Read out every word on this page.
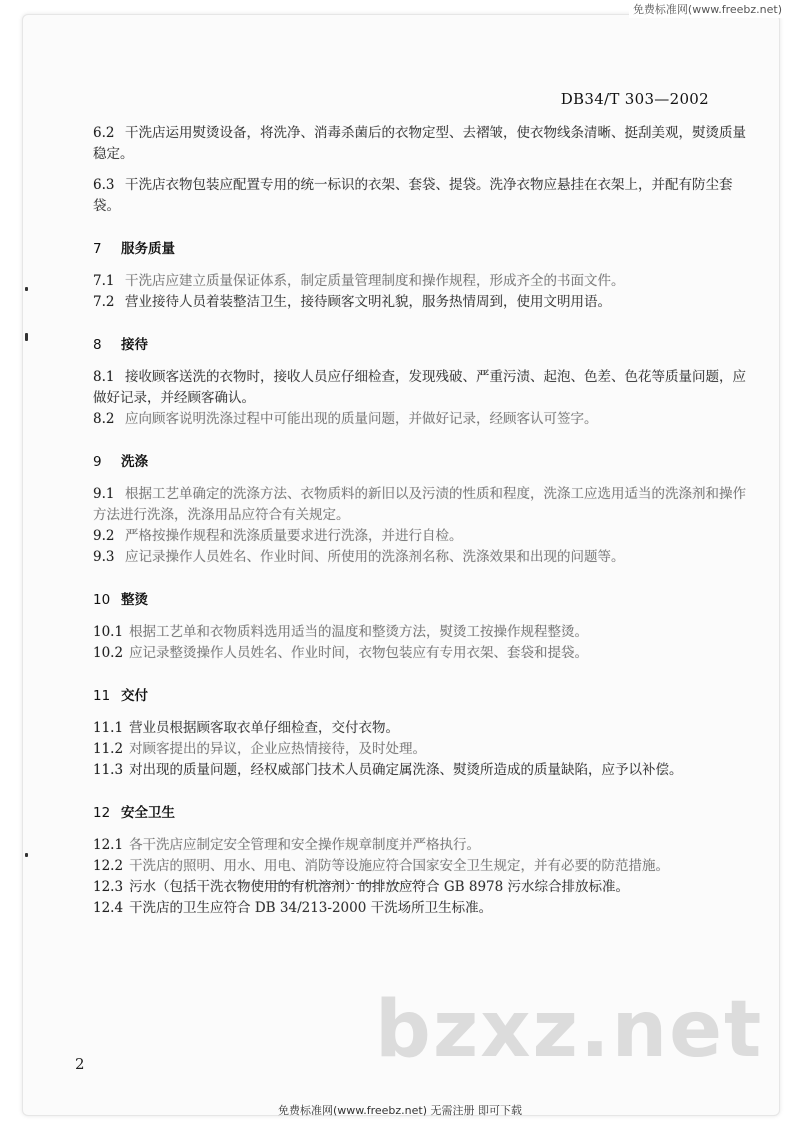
DB34/T 303—2002

6.2 干洗店运用熨烫设备，将洗净、消毒杀菌后的衣物定型、去褶皱，使衣物线条清晰、挺刮美观，熨烫质量稳定。

6.3 干洗店衣物包装应配置专用的统一标识的衣架、套袋、提袋。洗净衣物应悬挂在衣架上，并配有防尘套袋。

7 服务质量

7.1 干洗店应建立质量保证体系，制定质量管理制度和操作规程，形成齐全的书面文件。

7.2 营业接待人员着装整洁卫生，接待顾客文明礼貌，服务热情周到，使用文明用语。

8 接待

8.1 接收顾客送洗的衣物时，接收人员应仔细检查，发现残破、严重污渍、起泡、色差、色花等质量问题，应做好记录，并经顾客确认。

8.2 应向顾客说明洗涤过程中可能出现的质量问题，并做好记录，经顾客认可签字。

9 洗涤

9.1 根据工艺单确定的洗涤方法、衣物质料的新旧以及污渍的性质和程度，洗涤工应选用适当的洗涤剂和操作方法进行洗涤，洗涤用品应符合有关规定。

9.2 严格按操作规程和洗涤质量要求进行洗涤，并进行自检。

9.3 应记录操作人员姓名、作业时间、所使用的洗涤剂名称、洗涤效果和出现的问题等。

10 整烫

10.1 根据工艺单和衣物质料选用适当的温度和整烫方法，熨烫工按操作规程整烫。

10.2 应记录整烫操作人员姓名、作业时间，衣物包装应有专用衣架、套袋和提袋。

11 交付

11.1 营业员根据顾客取衣单仔细检查，交付衣物。

11.2 对顾客提出的异议，企业应热情接待，及时处理。

11.3 对出现的质量问题，经权威部门技术人员确定属洗涤、熨烫所造成的质量缺陷，应予以补偿。

12 安全卫生

12.1 各干洗店应制定安全管理和安全操作规章制度并严格执行。

12.2 干洗店的照明、用水、用电、消防等设施应符合国家安全卫生规定，并有必要的防范措施。

12.3 污水（包括干洗衣物使用的有机溶剂）的排放应符合 GB 8978 污水综合排放标准。

12.4 干洗店的卫生应符合 DB 34/213-2000 干洗场所卫生标准。

bzxz.net
2
免费标准网(www.freebz.net)
免费标准网(www.freebz.net) 无需注册 即可下载
